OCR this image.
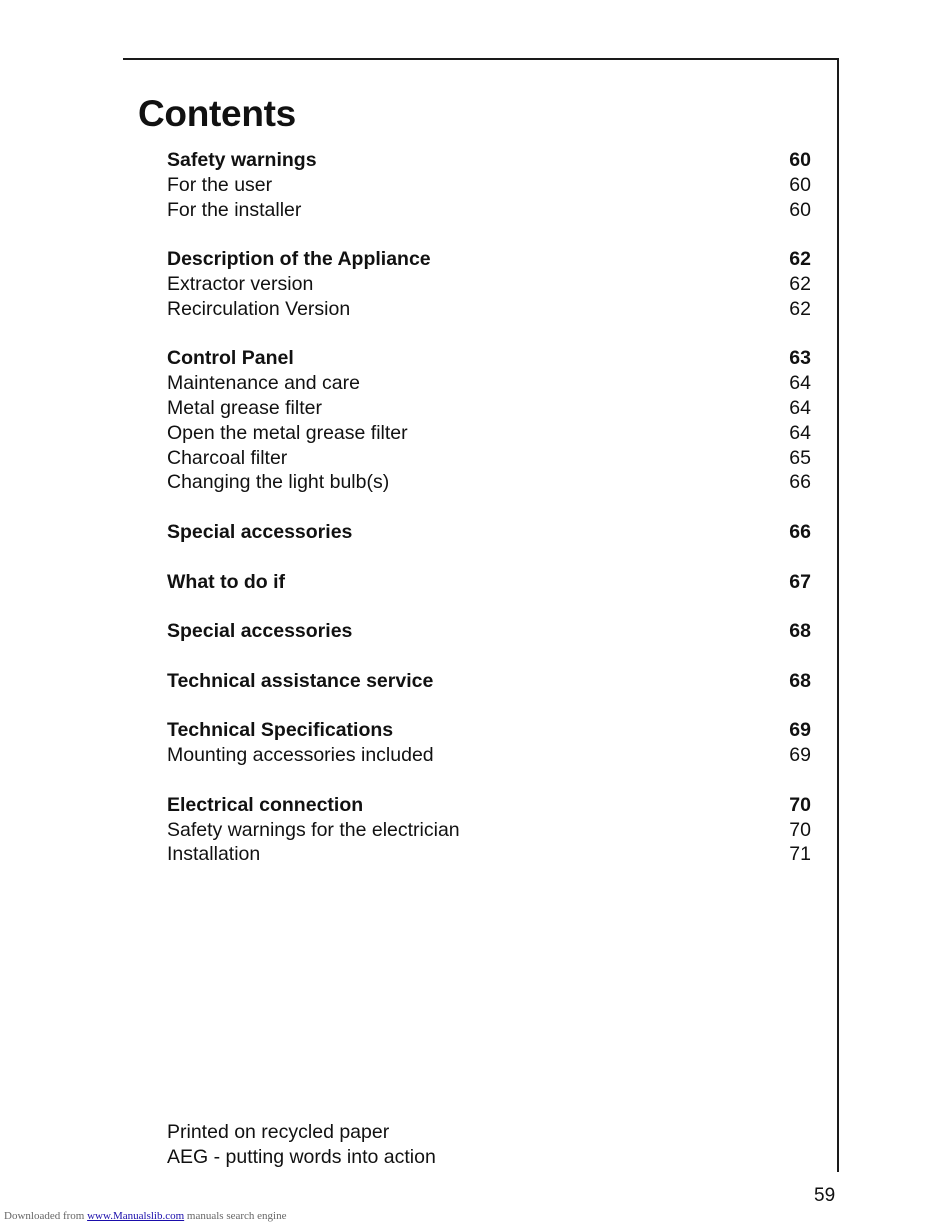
Contents
Safety warnings	60
For the user	60
For the installer	60
Description of the Appliance	62
Extractor version	62
Recirculation Version	62
Control Panel	63
Maintenance and care	64
Metal grease filter	64
Open the metal grease filter	64
Charcoal filter	65
Changing the light bulb(s)	66
Special accessories	66
What to do if	67
Special accessories	68
Technical assistance service	68
Technical Specifications	69
Mounting accessories included	69
Electrical connection	70
Safety warnings for the electrician	70
Installation	71
Printed on recycled paper
AEG - putting words into action
59
Downloaded from www.Manualslib.com manuals search engine
